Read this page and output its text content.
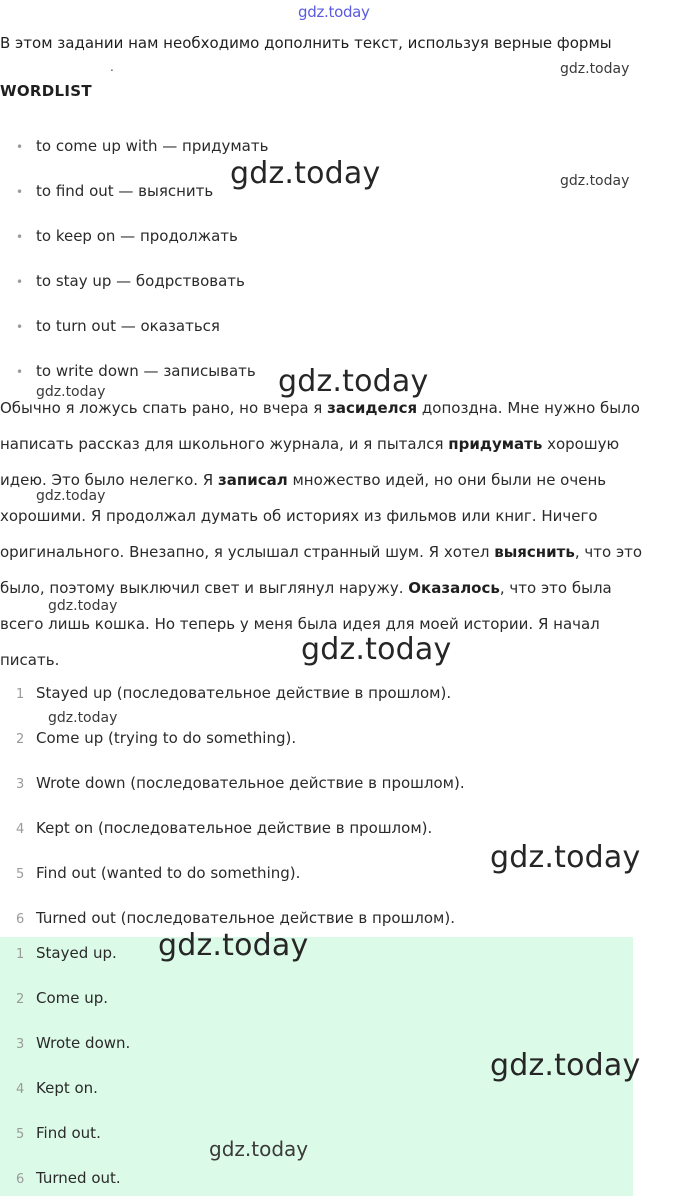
gdz.today
В этом задании нам необходимо дополнить текст, используя верные формы
.
WORDLIST
• to come up with — придумать
• to find out — выяснить
• to keep on — продолжать
• to stay up — бодрствовать
• to turn out — оказаться
• to write down — записывать
Обычно я ложусь спать рано, но вчера я засиделся допоздна. Мне нужно было
написать рассказ для школьного журнала, и я пытался придумать хорошую
идею. Это было нелегко. Я записал множество идей, но они были не очень
хорошими. Я продолжал думать об историях из фильмов или книг. Ничего
оригинального. Внезапно, я услышал странный шум. Я хотел выяснить, что это
было, поэтому выключил свет и выглянул наружу. Оказалось, что это была
всего лишь кошка. Но теперь у меня была идея для моей истории. Я начал
писать.
1 Stayed up (последовательное действие в прошлом).
2 Come up (trying to do something).
3 Wrote down (последовательное действие в прошлом).
4 Kept on (последовательное действие в прошлом).
5 Find out (wanted to do something).
6 Turned out (последовательное действие в прошлом).
1 Stayed up.
2 Come up.
3 Wrote down.
4 Kept on.
5 Find out.
6 Turned out.
gdz.today
gdz.today	gdz.today
gdz.today
gdz.today
gdz.today
gdz.today
gdz.today
gdz.today
gdz.today
gdz.today
gdz.today
gdz.today
